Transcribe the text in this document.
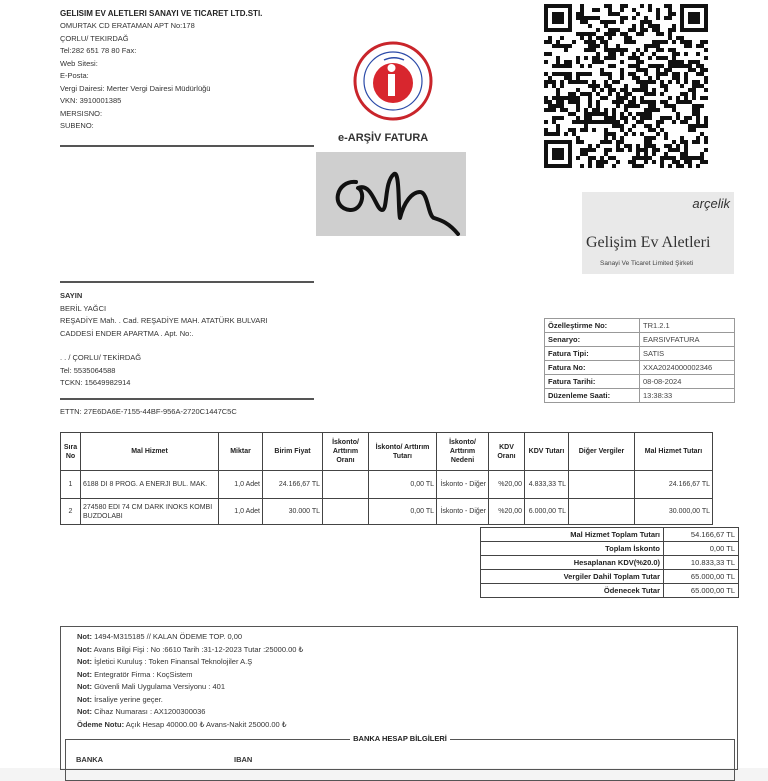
GELISIM EV ALETLERI SANAYI VE TICARET LTD.STI.
OMURTAK CD ERATAMAN APT No:178
ÇORLU/ TEKIRDAĞ
Tel:282 651 78 80 Fax:
Web Sitesi:
E-Posta:
Vergi Dairesi: Merter Vergi Dairesi Müdürlüğü
VKN: 3910001385
MERSISNO:
SUBENO:
e-ARŞİV FATURA
arçelik
Gelişim Ev Aletleri
Sanayi Ve Ticaret Limited Şirketi
SAYIN
BERİL YAĞCI
REŞADİYE Mah. . Cad. REŞADİYE MAH. ATATÜRK BULVARI
CADDESİ ENDER APARTMA . Apt. No:.
. . / ÇORLU/ TEKİRDAĞ
Tel: 5535064588
TCKN: 15649982914
ETTN: 27E6DA6E-7155-44BF-956A-2720C1447C5C
Özelleştirme No:	TR1.2.1
Senaryo:	EARSIVFATURA
Fatura Tipi:	SATIS
Fatura No:	XXA2024000002346
Fatura Tarihi:	08-08-2024
Düzenleme Saati:	13:38:33
Sıra No	Mal Hizmet	Miktar	Birim Fiyat	İskonto/ Arttırım Oranı	İskonto/ Arttırım Tutarı	İskonto/ Arttırım Nedeni	KDV Oranı	KDV Tutarı	Diğer Vergiler	Mal Hizmet Tutarı
1	6188 DI 8 PROG. A ENERJI BUL. MAK.	1,0 Adet	24.166,67 TL		0,00 TL	İskonto - Diğer	%20,00	4.833,33 TL		24.166,67 TL
2	274580 EDI 74 CM DARK INOKS KOMBI BUZDOLABI	1,0 Adet	30.000 TL		0,00 TL	İskonto - Diğer	%20,00	6.000,00 TL		30.000,00 TL
Mal Hizmet Toplam Tutarı	54.166,67 TL
Toplam İskonto	0,00 TL
Hesaplanan KDV(%20.0)	10.833,33 TL
Vergiler Dahil Toplam Tutar	65.000,00 TL
Ödenecek Tutar	65.000,00 TL
Not: 1494-M315185 // KALAN ÖDEME TOP. 0,00
Not: Avans Bilgi Fişi : No :6610 Tarih :31-12-2023 Tutar :25000.00 ₺
Not: İşletici Kuruluş : Token Finansal Teknolojiler A.Ş
Not: Entegratör Firma : KoçSistem
Not: Güvenli Mali Uygulama Versiyonu : 401
Not: İrsaliye yerine geçer.
Not: Cihaz Numarası : AX1200300036
Ödeme Notu: Açık Hesap 40000.00 ₺ Avans-Nakit 25000.00 ₺
BANKA HESAP BİLGİLERİ
BANKA	IBAN
